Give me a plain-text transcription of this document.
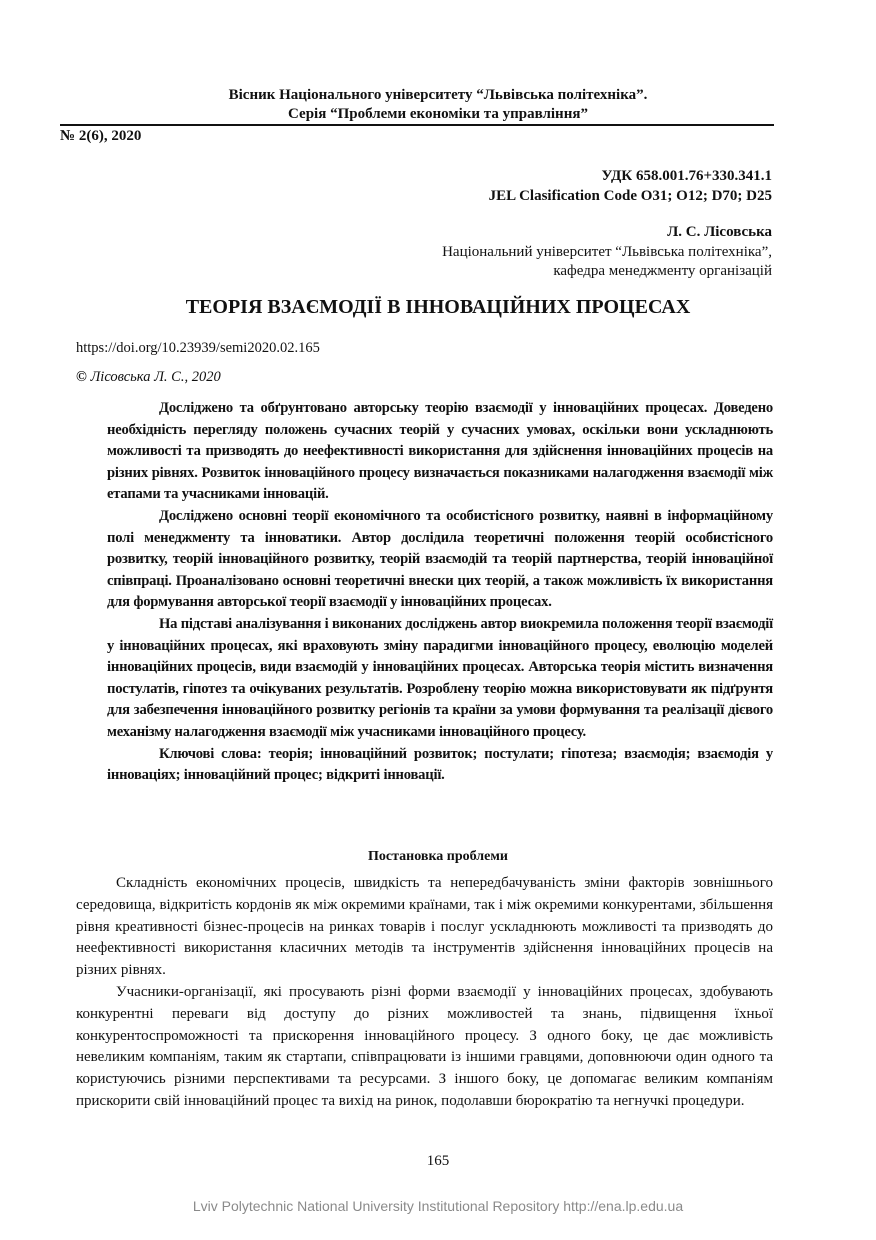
Вісник Національного університету “Львівська політехніка”.
Серія “Проблеми економіки та управління”
№ 2(6), 2020
УДК 658.001.76+330.341.1
JEL Clasification Code O31; O12; D70; D25
Л. С. Лісовська
Національний університет “Львівська політехніка”,
кафедра менеджменту організацій
ТЕОРІЯ ВЗАЄМОДІЇ В ІННОВАЦІЙНИХ ПРОЦЕСАХ
https://doi.org/10.23939/semi2020.02.165
© Лісовська Л. С., 2020

Досліджено та обґрунтовано авторську теорію взаємодії у інноваційних процесах. Доведено необхідність перегляду положень сучасних теорій у сучасних умовах, оскільки вони ускладнюють можливості та призводять до неефективності використання для здійснення інноваційних процесів на різних рівнях. Розвиток інноваційного процесу визначається показниками налагодження взаємодії між етапами та учасниками інновацій.

Досліджено основні теорії економічного та особистісного розвитку, наявні в інформаційному полі менеджменту та інноватики. Автор дослідила теоретичні положення теорій особистісного розвитку, теорій інноваційного розвитку, теорій взаємодій та теорій партнерства, теорій інноваційної співпраці. Проаналізовано основні теоретичні внески цих теорій, а також можливість їх використання для формування авторської теорії взаємодії у інноваційних процесах.

На підставі аналізування і виконаних досліджень автор виокремила положення теорії взаємодії у інноваційних процесах, які враховують зміну парадигми інноваційного процесу, еволюцію моделей інноваційних процесів, види взаємодій у інноваційних процесах. Авторська теорія містить визначення постулатів, гіпотез та очікуваних результатів. Розроблену теорію можна використовувати як підґрунтя для забезпечення інноваційного розвитку регіонів та країни за умови формування та реалізації дієвого механізму налагодження взаємодії між учасниками інноваційного процесу.

Ключові слова: теорія; інноваційний розвиток; постулати; гіпотеза; взаємодія; взаємодія у інноваціях; інноваційний процес; відкриті інновації.

Постановка проблеми

Складність економічних процесів, швидкість та непередбачуваність зміни факторів зовнішнього середовища, відкритість кордонів як між окремими країнами, так і між окремими конкурентами, збільшення рівня креативності бізнес-процесів на ринках товарів і послуг ускладнюють можливості та призводять до неефективності використання класичних методів та інструментів здійснення інноваційних процесів на різних рівнях.

Учасники-організації, які просувають різні форми взаємодії у інноваційних процесах, здобувають конкурентні переваги від доступу до різних можливостей та знань, підвищення їхньої конкурентоспроможності та прискорення інноваційного процесу. З одного боку, це дає можливість невеликим компаніям, таким як стартапи, співпрацювати із іншими гравцями, доповнюючи один одного та користуючись різними перспективами та ресурсами. З іншого боку, це допомагає великим компаніям прискорити свій інноваційний процес та вихід на ринок, подолавши бюрократію та негнучкі процедури.

165
Lviv Polytechnic National University Institutional Repository http://ena.lp.edu.ua
